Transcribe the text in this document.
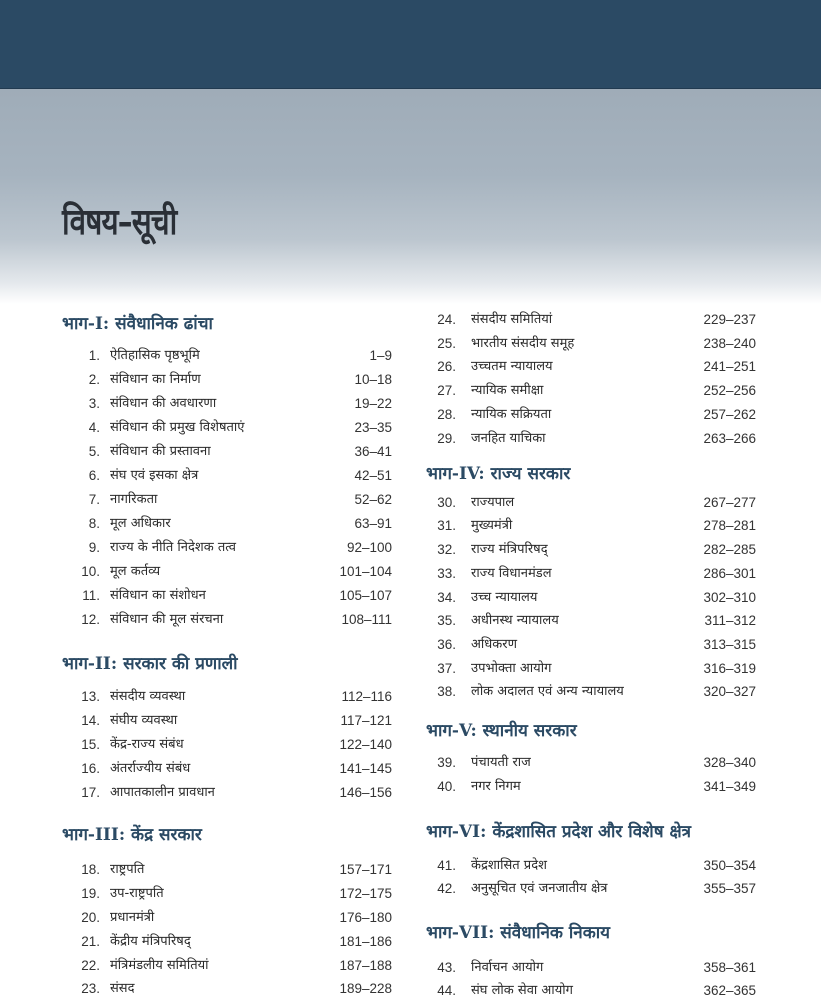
विषय–सूची
भाग-I: संवैधानिक ढांचा
1. ऐतिहासिक पृष्ठभूमि	1–9
2. संविधान का निर्माण	10–18
3. संविधान की अवधारणा	19–22
4. संविधान की प्रमुख विशेषताएं	23–35
5. संविधान की प्रस्तावना	36–41
6. संघ एवं इसका क्षेत्र	42–51
7. नागरिकता	52–62
8. मूल अधिकार	63–91
9. राज्य के नीति निदेशक तत्व	92–100
10. मूल कर्तव्य	101–104
11. संविधान का संशोधन	105–107
12. संविधान की मूल संरचना	108–111
भाग-II: सरकार की प्रणाली
13. संसदीय व्यवस्था	112–116
14. संघीय व्यवस्था	117–121
15. केंद्र-राज्य संबंध	122–140
16. अंतर्राज्यीय संबंध	141–145
17. आपातकालीन प्रावधान	146–156
भाग-III: केंद्र सरकार
18. राष्ट्रपति	157–171
19. उप-राष्ट्रपति	172–175
20. प्रधानमंत्री	176–180
21. केंद्रीय मंत्रिपरिषद्	181–186
22. मंत्रिमंडलीय समितियां	187–188
23. संसद	189–228
24. संसदीय समितियां	229–237
25. भारतीय संसदीय समूह	238–240
26. उच्चतम न्यायालय	241–251
27. न्यायिक समीक्षा	252–256
28. न्यायिक सक्रियता	257–262
29. जनहित याचिका	263–266
भाग-IV: राज्य सरकार
30. राज्यपाल	267–277
31. मुख्यमंत्री	278–281
32. राज्य मंत्रिपरिषद्	282–285
33. राज्य विधानमंडल	286–301
34. उच्च न्यायालय	302–310
35. अधीनस्थ न्यायालय	311–312
36. अधिकरण	313–315
37. उपभोक्ता आयोग	316–319
38. लोक अदालत एवं अन्य न्यायालय	320–327
भाग-V: स्थानीय सरकार
39. पंचायती राज	328–340
40. नगर निगम	341–349
भाग-VI: केंद्रशासित प्रदेश और विशेष क्षेत्र
41. केंद्रशासित प्रदेश	350–354
42. अनुसूचित एवं जनजातीय क्षेत्र	355–357
भाग-VII: संवैधानिक निकाय
43. निर्वाचन आयोग	358–361
44. संघ लोक सेवा आयोग	362–365
